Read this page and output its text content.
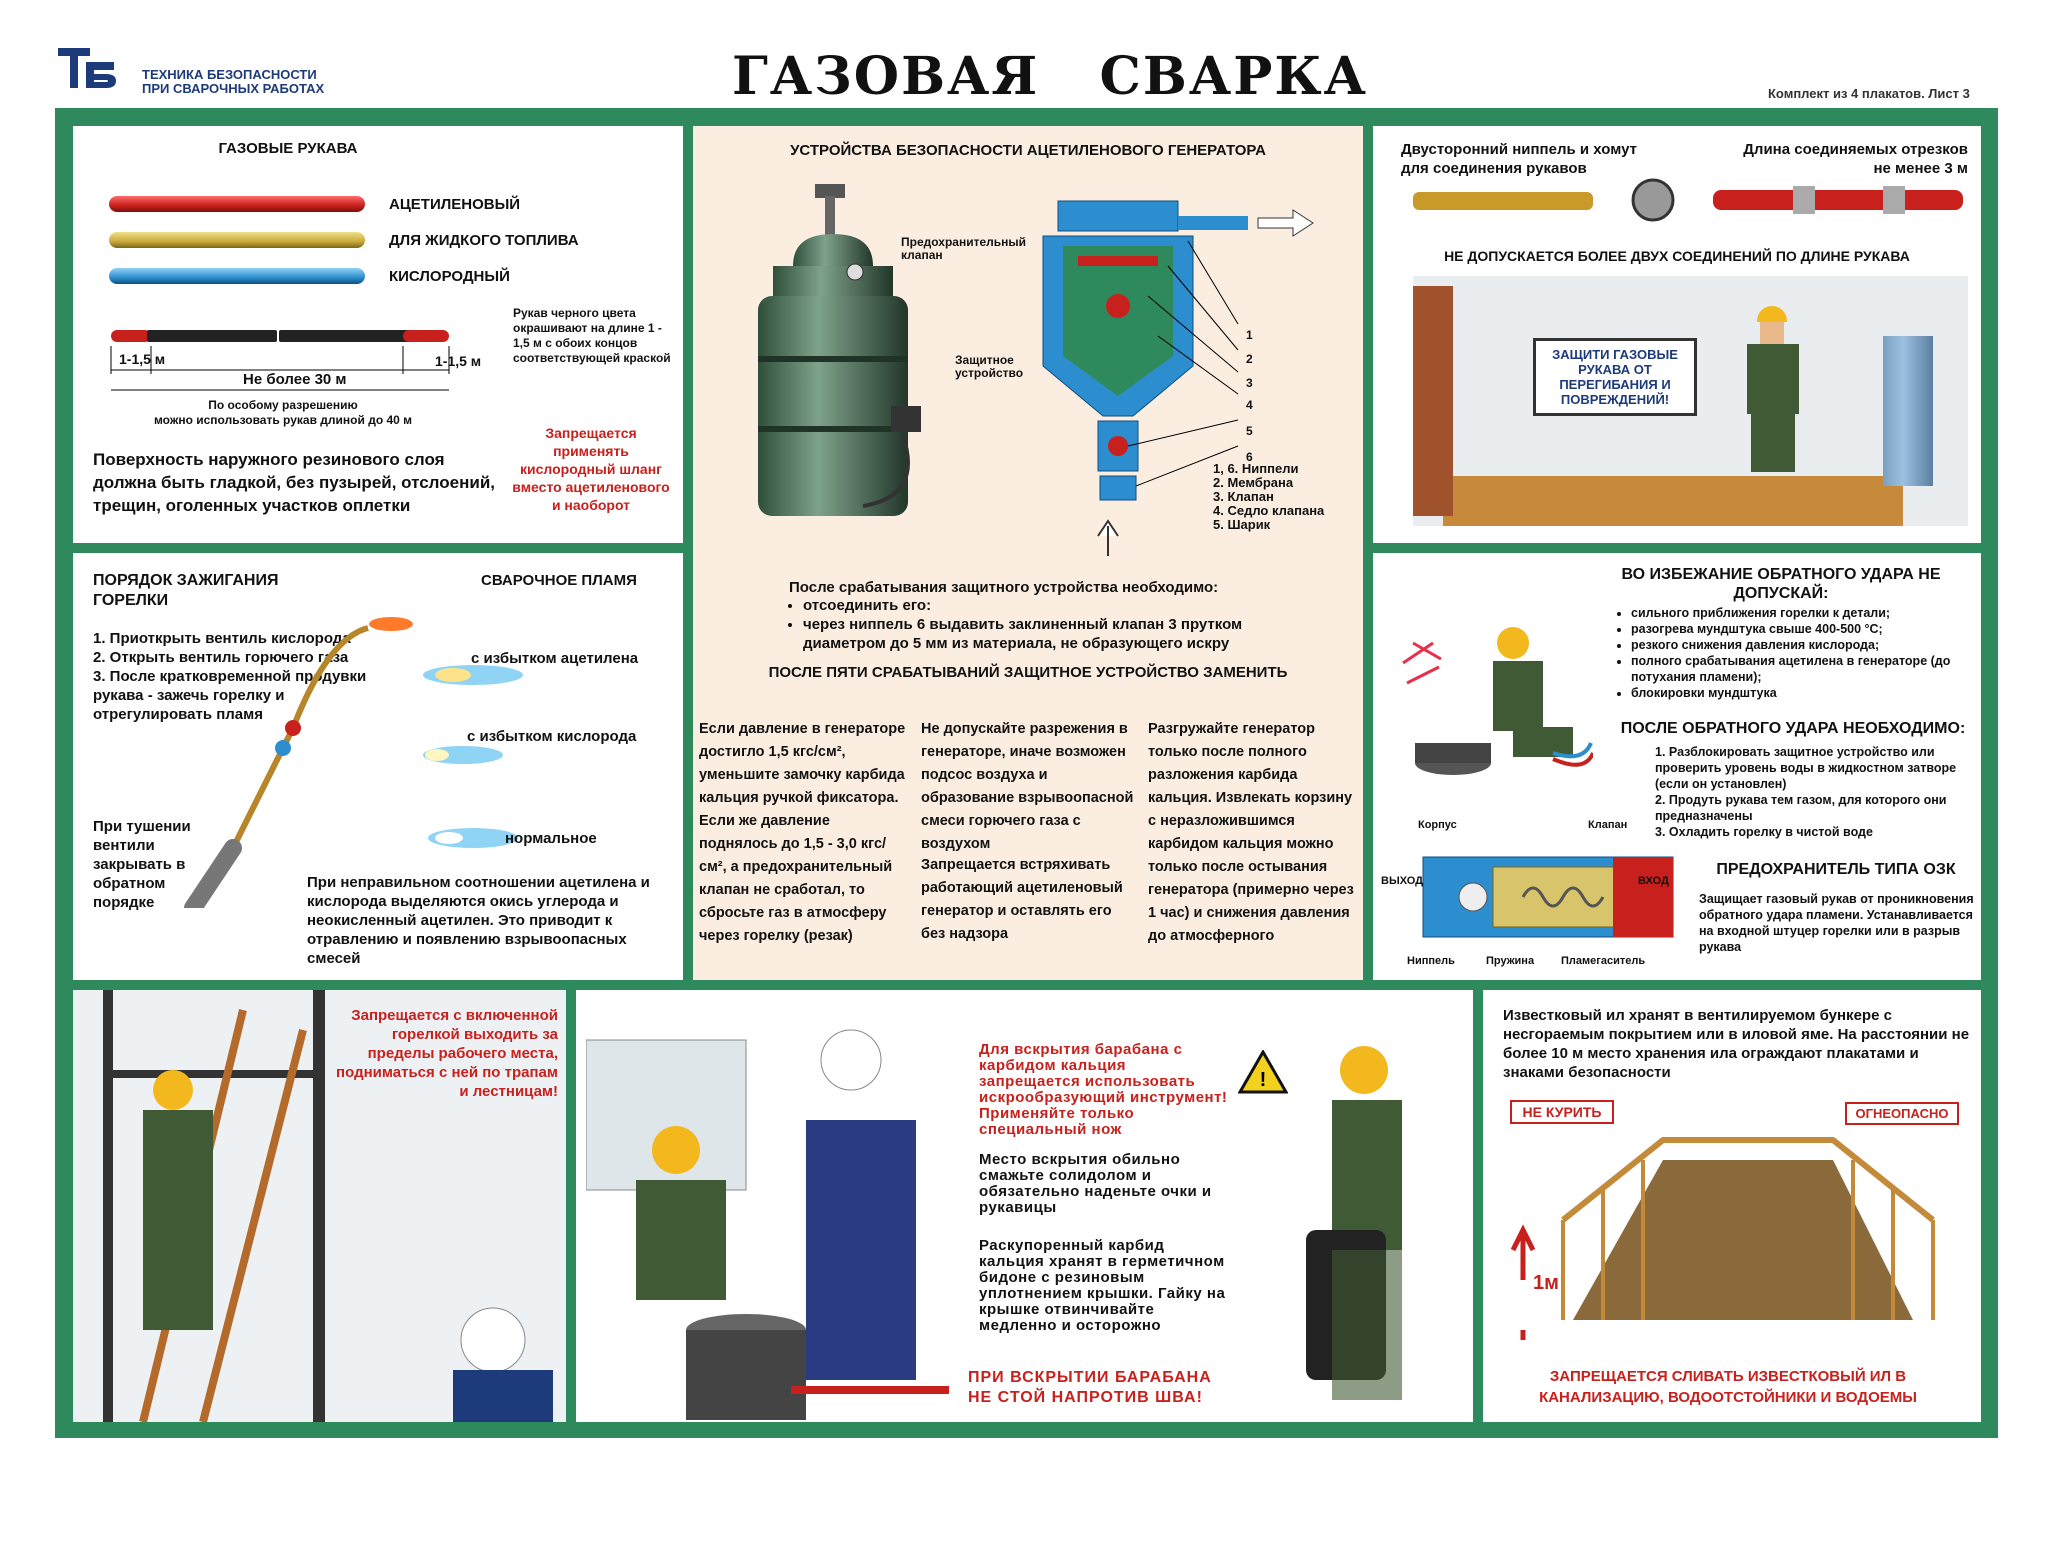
ТЕХНИКА БЕЗОПАСНОСТИ
ПРИ СВАРОЧНЫХ РАБОТАХ	ГАЗОВАЯ   СВАРКА	Комплект из 4 плакатов. Лист 3
ГАЗОВЫЕ РУКАВА
АЦЕТИЛЕНОВЫЙ
ДЛЯ ЖИДКОГО ТОПЛИВА
КИСЛОРОДНЫЙ
1-1,5 м	1-1,5 м
Не более 30 м
По особому разрешению
можно использовать рукав длиной до 40 м
Рукав черного цвета окрашивают на длине 1 - 1,5 м с обоих концов соответствующей краской
Поверхность наружного резинового слоя должна быть гладкой, без пузырей, отслоений, трещин, оголенных участков оплетки
Запрещается применять кислородный шланг вместо ацетиленового и наоборот
УСТРОЙСТВА БЕЗОПАСНОСТИ АЦЕТИЛЕНОВОГО ГЕНЕРАТОРА
Предохранительный клапан
Защитное устройство
1
2
3
4
5
6
1, 6. Ниппели
2. Мембрана
3. Клапан
4. Седло клапана
5. Шарик
После срабатывания защитного устройства необходимо:
• отсоединить его:
• через ниппель 6 выдавить заклиненный клапан 3 прутком диаметром до 5 мм из материала, не образующего искру
ПОСЛЕ ПЯТИ СРАБАТЫВАНИЙ ЗАЩИТНОЕ УСТРОЙСТВО ЗАМЕНИТЬ
Если давление в генераторе достигло 1,5 кгс/см², уменьшите замочку карбида кальция ручкой фиксатора. Если же давление поднялось до 1,5 - 3,0 кгс/см², а предохранительный клапан не сработал, то сбросьте газ в атмосферу через горелку (резак)
Не допускайте разрежения в генераторе, иначе возможен подсос воздуха и образование взрывоопасной смеси горючего газа с воздухом
Запрещается встряхивать работающий ацетиленовый генератор и оставлять его без надзора
Разгружайте генератор только после полного разложения карбида кальция. Извлекать корзину с неразложившимся карбидом кальция можно только после остывания генератора (примерно через 1 час) и снижения давления до атмосферного
Двусторонний ниппель и хомут для соединения рукавов
Длина соединяемых отрезков не менее 3 м
НЕ ДОПУСКАЕТСЯ БОЛЕЕ ДВУХ СОЕДИНЕНИЙ ПО ДЛИНЕ РУКАВА
ЗАЩИТИ ГАЗОВЫЕ РУКАВА ОТ ПЕРЕГИБАНИЯ И ПОВРЕЖДЕНИЙ!
ПОРЯДОК ЗАЖИГАНИЯ ГОРЕЛКИ
1. Приоткрыть вентиль кислорода
2. Открыть вентиль горючего газа
3. После кратковременной продувки рукава - зажечь горелку и отрегулировать пламя
При тушении вентили закрывать в обратном порядке
СВАРОЧНОЕ ПЛАМЯ
с избытком ацетилена
с избытком кислорода
нормальное
При неправильном соотношении ацетилена и кислорода выделяются окись углерода и неокисленный ацетилен. Это приводит к отравлению и появлению взрывоопасных смесей
ВО ИЗБЕЖАНИЕ ОБРАТНОГО УДАРА НЕ ДОПУСКАЙ:
• сильного приближения горелки к детали;
• разогрева мундштука свыше 400-500 °С;
• резкого снижения давления кислорода;
• полного срабатывания ацетилена в генераторе (до потухания пламени);
• блокировки мундштука
ПОСЛЕ ОБРАТНОГО УДАРА НЕОБХОДИМО:
1. Разблокировать защитное устройство или проверить уровень воды в жидкостном затворе (если он установлен)
2. Продуть рукава тем газом, для которого они предназначены
3. Охладить горелку в чистой воде
ПРЕДОХРАНИТЕЛЬ ТИПА ОЗК
Защищает газовый рукав от проникновения обратного удара пламени. Устанавливается на входной штуцер горелки или в разрыв рукава
Корпус	Клапан
ВЫХОД	ВХОД
Ниппель	Пружина Пламегаситель
Запрещается с включенной горелкой выходить за пределы рабочего места, подниматься с ней по трапам и лестницам!
Для вскрытия барабана с карбидом кальция запрещается использовать искрообразующий инструмент! Применяйте только специальный нож
Место вскрытия обильно смажьте солидолом и обязательно наденьте очки и рукавицы
Раскупоренный карбид кальция хранят в герметичном бидоне с резиновым уплотнением крышки. Гайку на крышке отвинчивайте медленно и осторожно
!
ПРИ ВСКРЫТИИ БАРАБАНА НЕ СТОЙ НАПРОТИВ ШВА!
Известковый ил хранят в вентилируемом бункере с несгораемым покрытием или в иловой яме. На расстоянии не более 10 м место хранения ила ограждают плакатами и знаками безопасности
НЕ КУРИТЬ	ОГНЕОПАСНО
1м
ЗАПРЕЩАЕТСЯ СЛИВАТЬ ИЗВЕСТКОВЫЙ ИЛ В КАНАЛИЗАЦИЮ, ВОДООТСТОЙНИКИ И ВОДОЕМЫ
